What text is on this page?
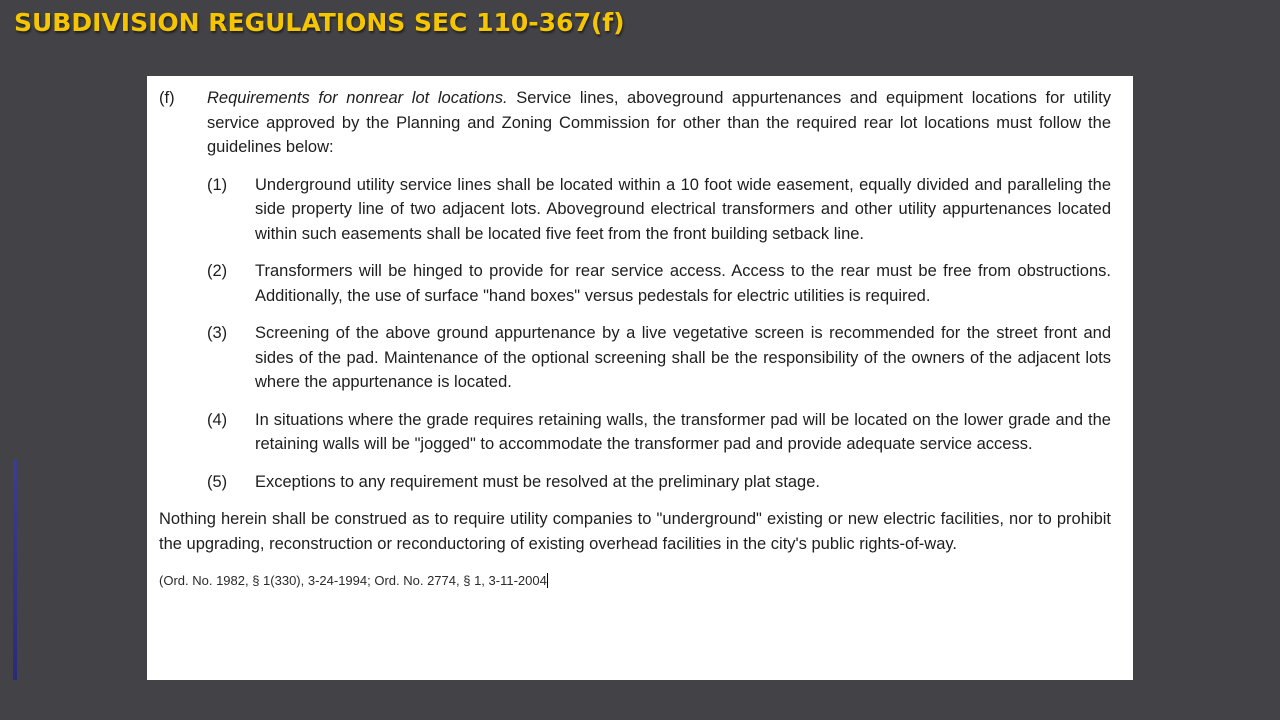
SUBDIVISION REGULATIONS SEC 110-367(f)
(f)	Requirements for nonrear lot locations. Service lines, aboveground appurtenances and equipment locations for utility service approved by the Planning and Zoning Commission for other than the required rear lot locations must follow the guidelines below:
(1)	Underground utility service lines shall be located within a 10 foot wide easement, equally divided and paralleling the side property line of two adjacent lots. Aboveground electrical transformers and other utility appurtenances located within such easements shall be located five feet from the front building setback line.
(2)	Transformers will be hinged to provide for rear service access. Access to the rear must be free from obstructions. Additionally, the use of surface "hand boxes" versus pedestals for electric utilities is required.
(3)	Screening of the above ground appurtenance by a live vegetative screen is recommended for the street front and sides of the pad. Maintenance of the optional screening shall be the responsibility of the owners of the adjacent lots where the appurtenance is located.
(4)	In situations where the grade requires retaining walls, the transformer pad will be located on the lower grade and the retaining walls will be "jogged" to accommodate the transformer pad and provide adequate service access.
(5)	Exceptions to any requirement must be resolved at the preliminary plat stage.

Nothing herein shall be construed as to require utility companies to "underground" existing or new electric facilities, nor to prohibit the upgrading, reconstruction or reconductoring of existing overhead facilities in the city's public rights-of-way.

(Ord. No. 1982, § 1(330), 3-24-1994; Ord. No. 2774, § 1, 3-11-2004
